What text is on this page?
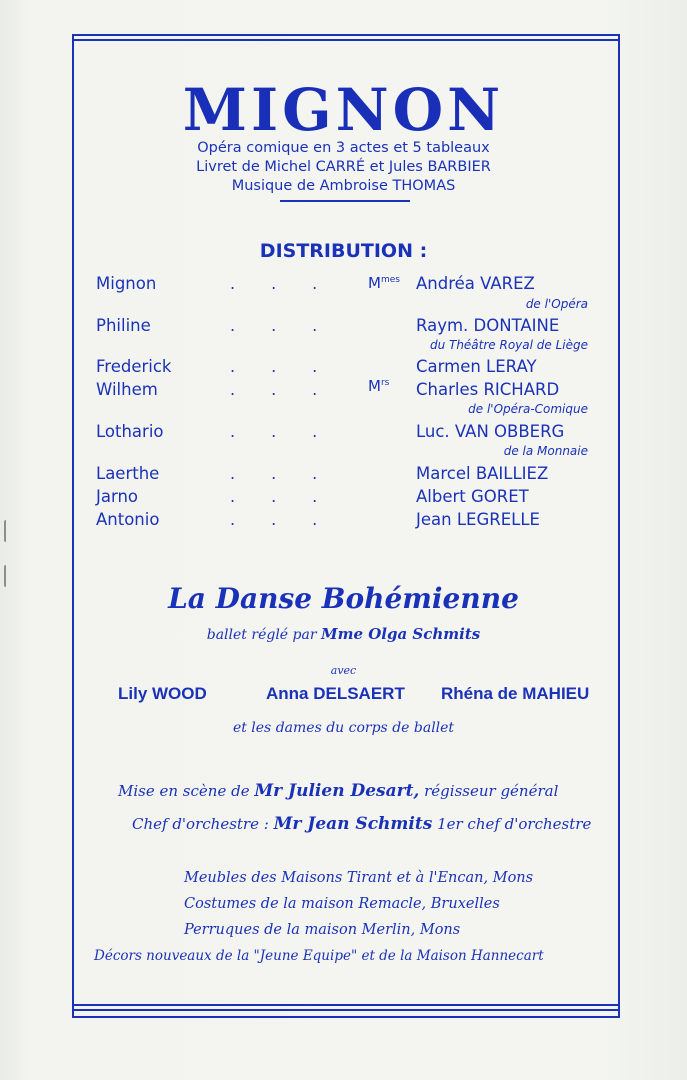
MIGNON
Opéra comique en 3 actes et 5 tableaux
Livret de Michel CARRÉ et Jules BARBIER
Musique de Ambroise THOMAS
DISTRIBUTION :
$M^{mes}$
$M^{rs}$
Mignon	...	Andréa VAREZ
de l'Opéra
Philine	...	Raym. DONTAINE
du Théâtre Royal de Liège
Frederick	...	Carmen LERAY
Wilhem	...	Charles RICHARD
de l'Opéra-Comique
Lothario	...	Luc. VAN OBBERG
de la Monnaie
Laerthe	...	Marcel BAILLIEZ
Jarno	...	Albert GORET
Antonio	...	Jean LEGRELLE
La Danse Bohémienne
ballet réglé par Mme Olga Schmits
avec
Lily WOOD	Anna DELSAERT Rhéna de MAHIEU
et les dames du corps de ballet
Mise en scène de Mr Julien Desart, régisseur général
Chef d'orchestre : Mr Jean Schmits 1er chef d'orchestre
Meubles des Maisons Tirant et à l'Encan, Mons
Costumes de la maison Remacle, Bruxelles
Perruques de la maison Merlin, Mons
Décors nouveaux de la "Jeune Equipe" et de la Maison Hannecart
